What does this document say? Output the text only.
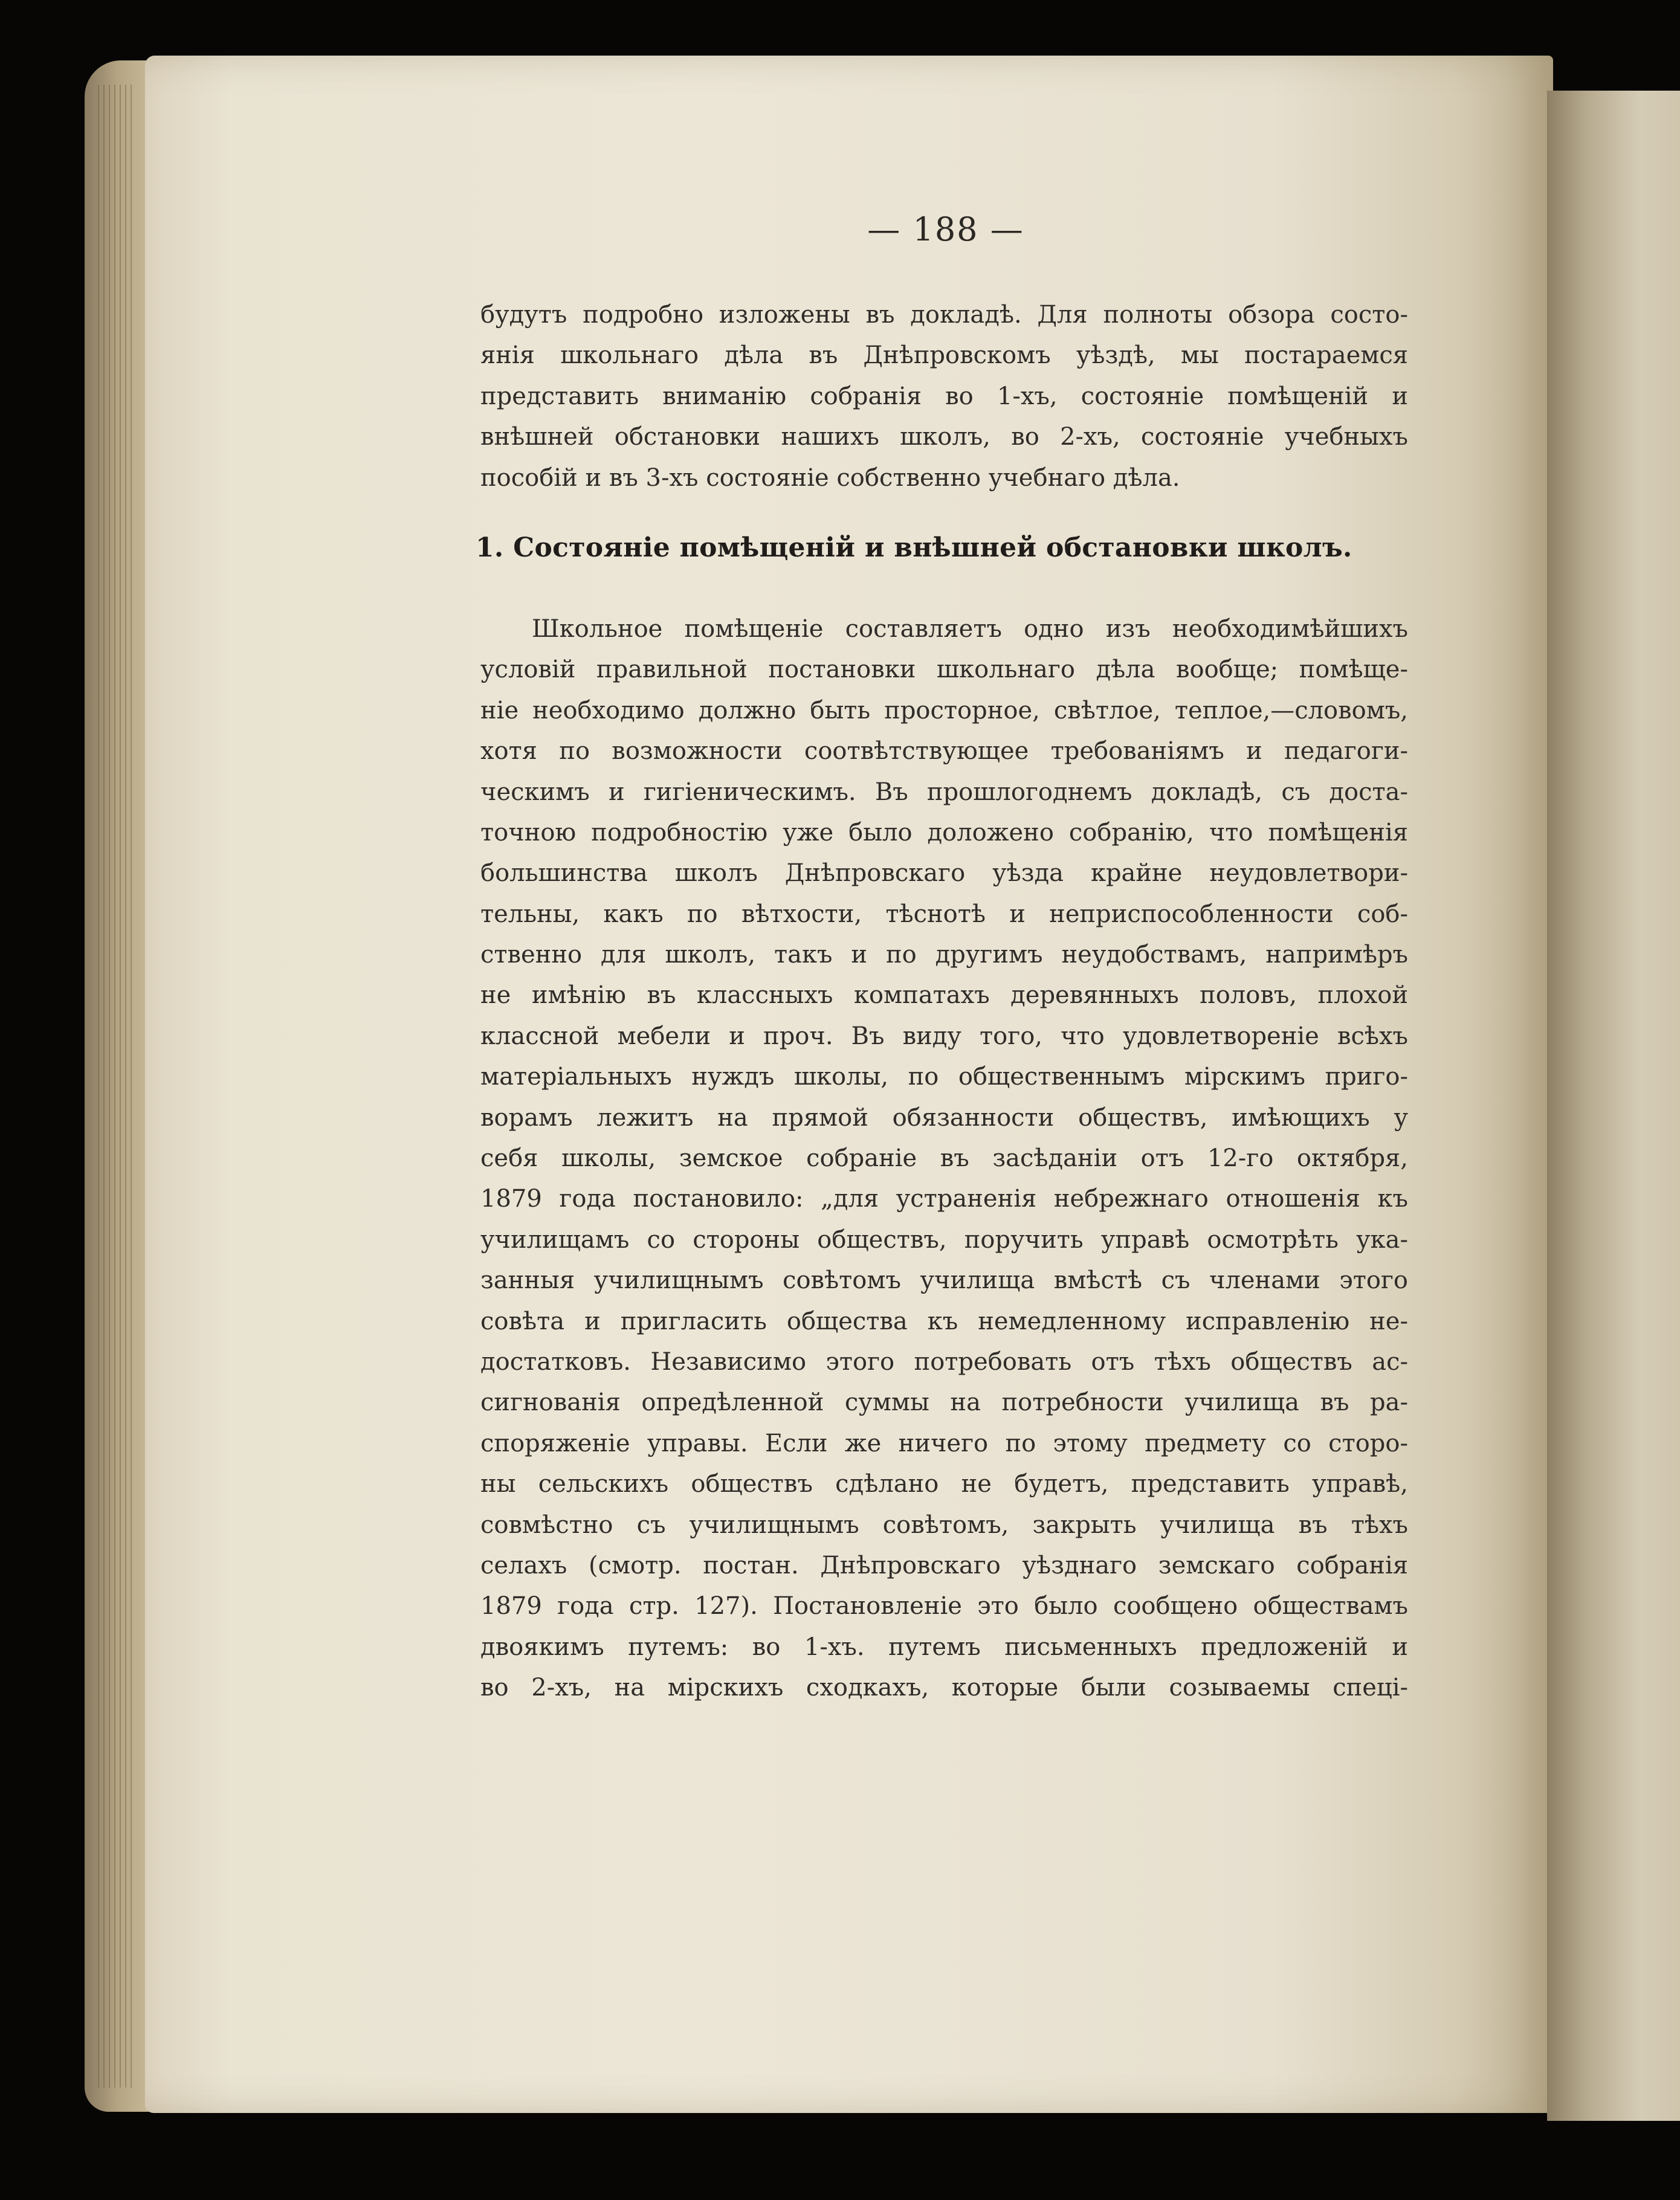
— 188 —
будутъ подробно изложены въ докладѣ. Для полноты обзора состо-
янія школьнаго дѣла въ Днѣпровскомъ уѣздѣ, мы постараемся
представить вниманію собранія во 1-хъ, состояніе помѣщеній и
внѣшней обстановки нашихъ школъ, во 2-хъ, состояніе учебныхъ
пособій и въ 3-хъ состояніе собственно учебнаго дѣла.
1. Состояніе помѣщеній и внѣшней обстановки школъ.
Школьное помѣщеніе составляетъ одно изъ необходимѣйшихъ
условій правильной постановки школьнаго дѣла вообще; помѣще-
ніе необходимо должно быть просторное, свѣтлое, теплое,—словомъ,
хотя по возможности соотвѣтствующее требованіямъ и педагоги-
ческимъ и гигіеническимъ. Въ прошлогоднемъ докладѣ, съ доста-
точною подробностію уже было доложено собранію, что помѣщенія
большинства школъ Днѣпровскаго уѣзда крайне неудовлетвори-
тельны, какъ по вѣтхости, тѣснотѣ и неприспособленности соб-
ственно для школъ, такъ и по другимъ неудобствамъ, напримѣръ
не имѣнію въ классныхъ компатахъ деревянныхъ половъ, плохой
классной мебели и проч. Въ виду того, что удовлетвореніе всѣхъ
матеріальныхъ нуждъ школы, по общественнымъ мірскимъ приго-
ворамъ лежитъ на прямой обязанности обществъ, имѣющихъ у
себя школы, земское собраніе въ засѣданіи отъ 12-го октября,
1879 года постановило: „для устраненія небрежнаго отношенія къ
училищамъ со стороны обществъ, поручить управѣ осмотрѣть ука-
занныя училищнымъ совѣтомъ училища вмѣстѣ съ членами этого
совѣта и пригласить общества къ немедленному исправленію не-
достатковъ. Независимо этого потребовать отъ тѣхъ обществъ ас-
сигнованія опредѣленной суммы на потребности училища въ ра-
споряженіе управы. Если же ничего по этому предмету со сторо-
ны сельскихъ обществъ сдѣлано не будетъ, представить управѣ,
совмѣстно съ училищнымъ совѣтомъ, закрыть училища въ тѣхъ
селахъ (смотр. постан. Днѣпровскаго уѣзднаго земскаго собранія
1879 года стр. 127). Постановленіе это было сообщено обществамъ
двоякимъ путемъ: во 1-хъ. путемъ письменныхъ предложеній и
во 2-хъ, на мірскихъ сходкахъ, которые были созываемы спеці-
